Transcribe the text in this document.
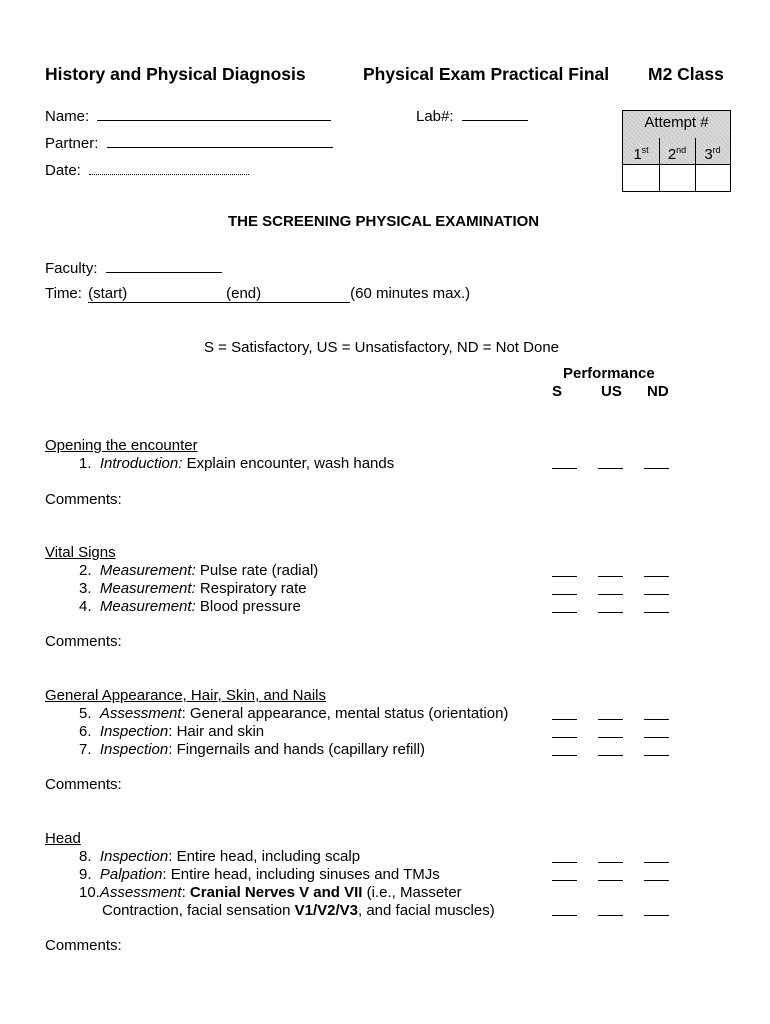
History and Physical Diagnosis	Physical Exam Practical Final M2 Class
Name:
Partner:
Date:
Lab#:	Attempt #
1st	2nd	3rd
THE SCREENING PHYSICAL EXAMINATION
Faculty:
Time: (start)	(end)	(60 minutes max.)
S = Satisfactory, US = Unsatisfactory, ND = Not Done
Performance
S	US ND
Opening the encounter
1. Introduction: Explain encounter, wash hands
Comments:
Vital Signs
2. Measurement: Pulse rate (radial)
3. Measurement: Respiratory rate
4. Measurement: Blood pressure
Comments:
General Appearance, Hair, Skin, and Nails
5. Assessment: General appearance, mental status (orientation)
6. Inspection: Hair and skin
7. Inspection: Fingernails and hands (capillary refill)
Comments:
Head
8. Inspection: Entire head, including scalp
9. Palpation: Entire head, including sinuses and TMJs
10.Assessment: Cranial Nerves V and VII (i.e., Masseter
Contraction, facial sensation V1/V2/V3, and facial muscles)
Comments:
